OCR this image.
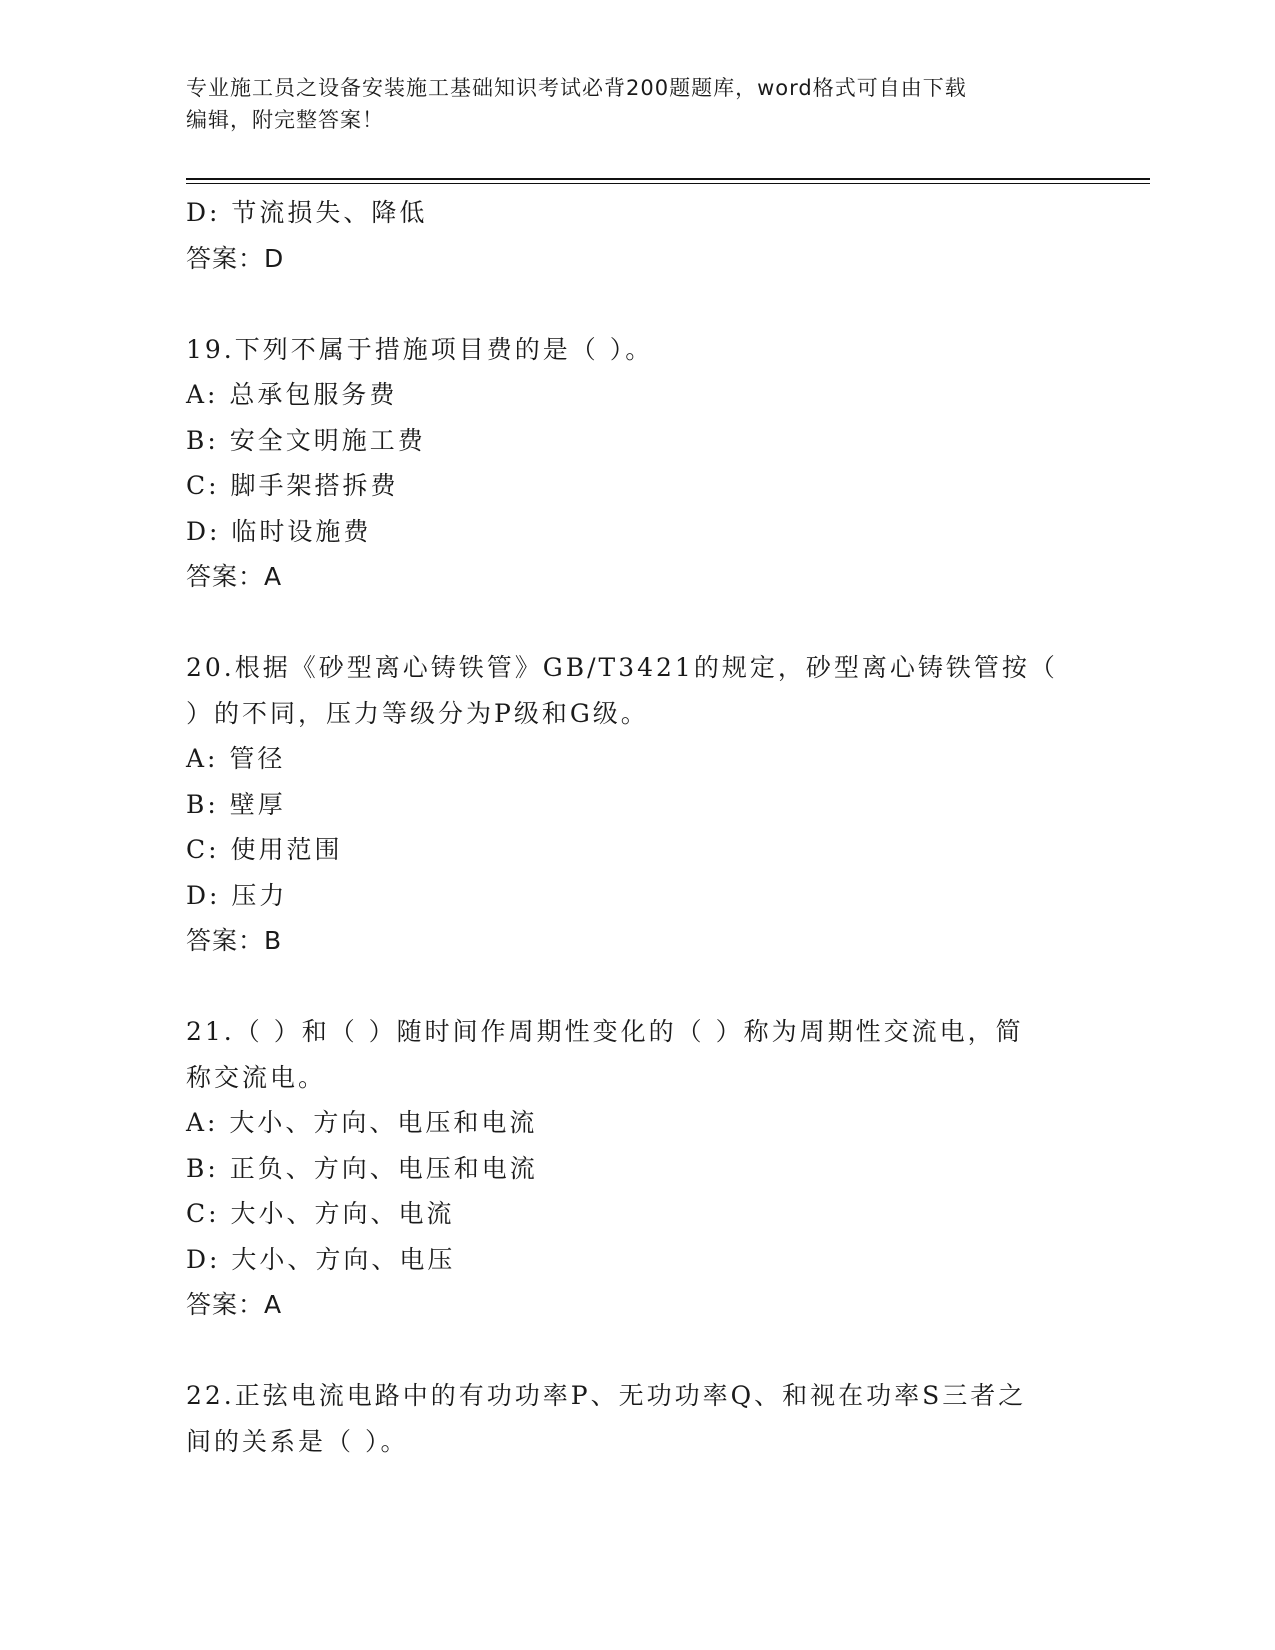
专业施工员之设备安装施工基础知识考试必背200题题库，word格式可自由下载
编辑，附完整答案！
D: 节流损失、降低
答案：D
19.下列不属于措施项目费的是（ ）。
A: 总承包服务费
B: 安全文明施工费
C: 脚手架搭拆费
D: 临时设施费
答案：A
20.根据《砂型离心铸铁管》GB/T3421的规定，砂型离心铸铁管按（
）的不同，压力等级分为P级和G级。
A: 管径
B: 壁厚
C: 使用范围
D: 压力
答案：B
21.（ ）和（ ）随时间作周期性变化的（ ）称为周期性交流电，简
称交流电。
A: 大小、方向、电压和电流
B: 正负、方向、电压和电流
C: 大小、方向、电流
D: 大小、方向、电压
答案：A
22.正弦电流电路中的有功功率P、无功功率Q、和视在功率S三者之
间的关系是（ ）。
